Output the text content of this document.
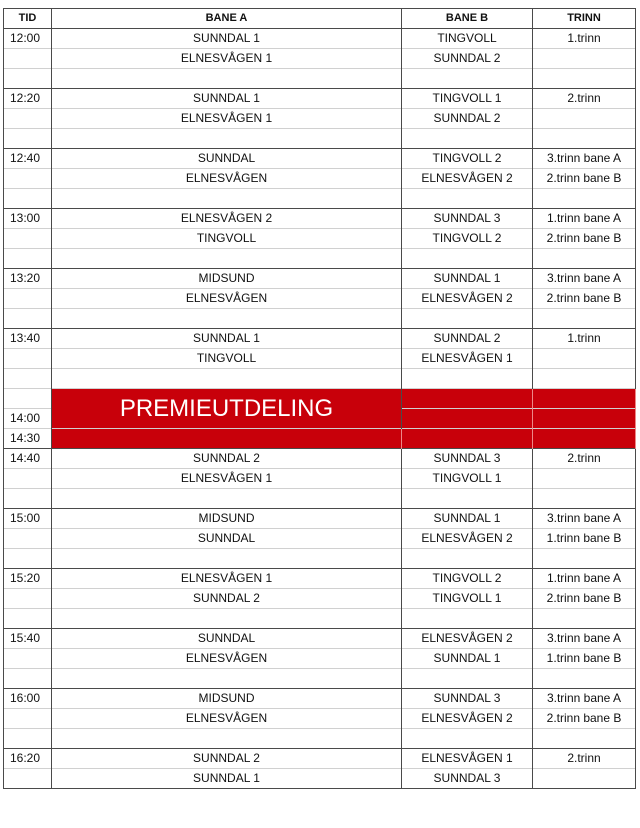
TID	BANE A	BANE B	TRINN
12:00	SUNNDAL 1	TINGVOLL	1.trinn
	ELNESVÅGEN 1	SUNNDAL 2	

12:20	SUNNDAL 1	TINGVOLL 1	2.trinn
	ELNESVÅGEN 1	SUNNDAL 2	

12:40	SUNNDAL	TINGVOLL 2	3.trinn bane A
	ELNESVÅGEN	ELNESVÅGEN 2	2.trinn bane B

13:00	ELNESVÅGEN 2	SUNNDAL 3	1.trinn bane A
	TINGVOLL	TINGVOLL 2	2.trinn bane B

13:20	MIDSUND	SUNNDAL 1	3.trinn bane A
	ELNESVÅGEN	ELNESVÅGEN 2	2.trinn bane B

13:40	SUNNDAL 1	SUNNDAL 2	1.trinn
	TINGVOLL	ELNESVÅGEN 1	

	PREMIEUTDELING		

14:00			
14:30			
14:40	SUNNDAL 2	SUNNDAL 3	2.trinn
	ELNESVÅGEN 1	TINGVOLL 1	

15:00	MIDSUND	SUNNDAL 1	3.trinn bane A
	SUNNDAL	ELNESVÅGEN 2	1.trinn bane B

15:20	ELNESVÅGEN 1	TINGVOLL 2	1.trinn bane A
	SUNNDAL 2	TINGVOLL 1	2.trinn bane B

15:40	SUNNDAL	ELNESVÅGEN 2	3.trinn bane A
	ELNESVÅGEN	SUNNDAL 1	1.trinn bane B

16:00	MIDSUND	SUNNDAL 3	3.trinn bane A
	ELNESVÅGEN	ELNESVÅGEN 2	2.trinn bane B

16:20	SUNNDAL 2	ELNESVÅGEN 1	2.trinn
	SUNNDAL 1	SUNNDAL 3	
